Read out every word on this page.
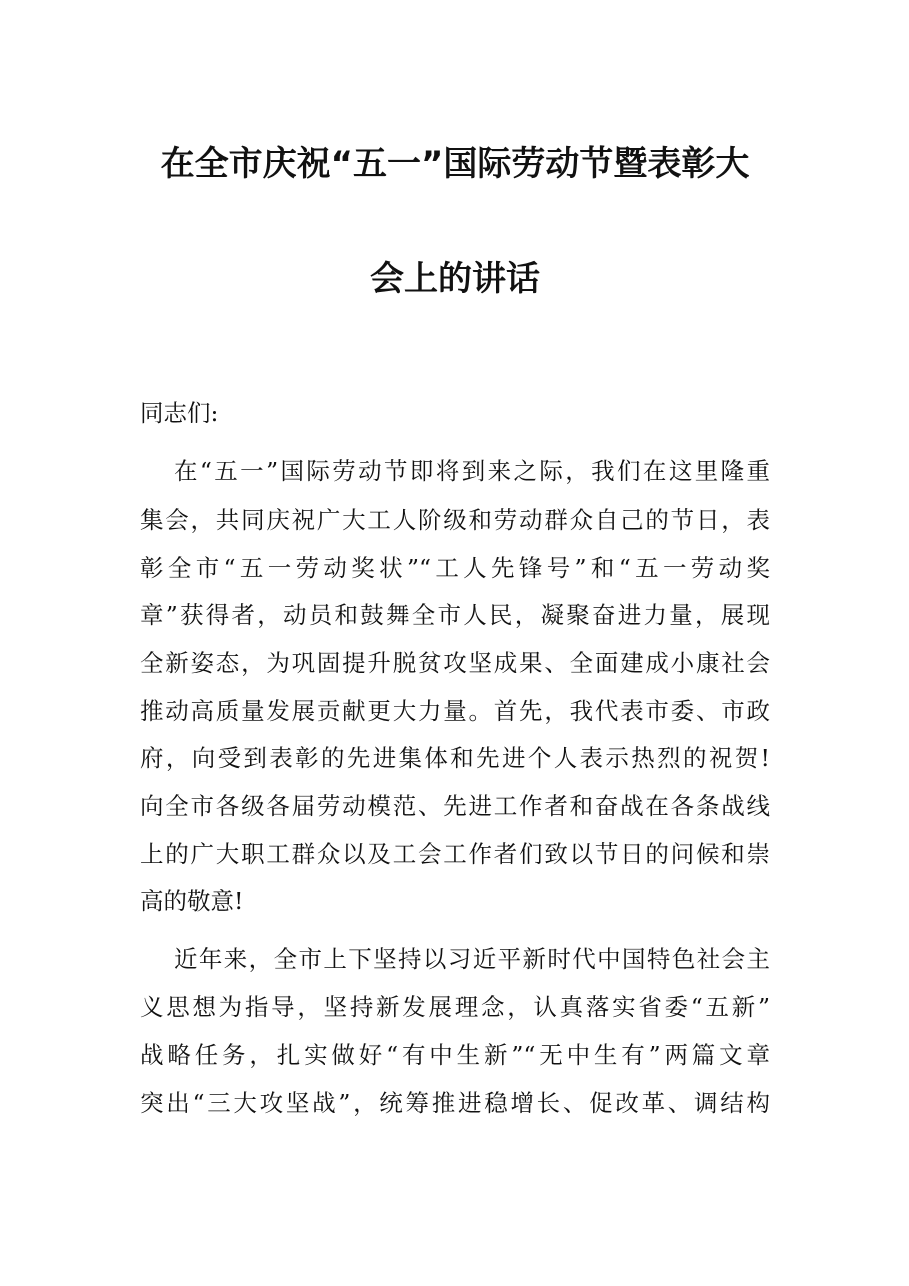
在全市庆祝“五一”国际劳动节暨表彰大
会上的讲话
同志们:
在“五一”国际劳动节即将到来之际，我们在这里隆重
集会，共同庆祝广大工人阶级和劳动群众自己的节日，表
彰全市“五一劳动奖状”“工人先锋号”和“五一劳动奖
章”获得者，动员和鼓舞全市人民，凝聚奋进力量，展现
全新姿态，为巩固提升脱贫攻坚成果、全面建成小康社会
推动高质量发展贡献更大力量。首先，我代表市委、市政
府，向受到表彰的先进集体和先进个人表示热烈的祝贺!
向全市各级各届劳动模范、先进工作者和奋战在各条战线
上的广大职工群众以及工会工作者们致以节日的问候和崇
高的敬意!
近年来，全市上下坚持以习近平新时代中国特色社会主
义思想为指导，坚持新发展理念，认真落实省委“五新”
战略任务，扎实做好“有中生新”“无中生有”两篇文章
突出“三大攻坚战”，统筹推进稳增长、促改革、调结构
